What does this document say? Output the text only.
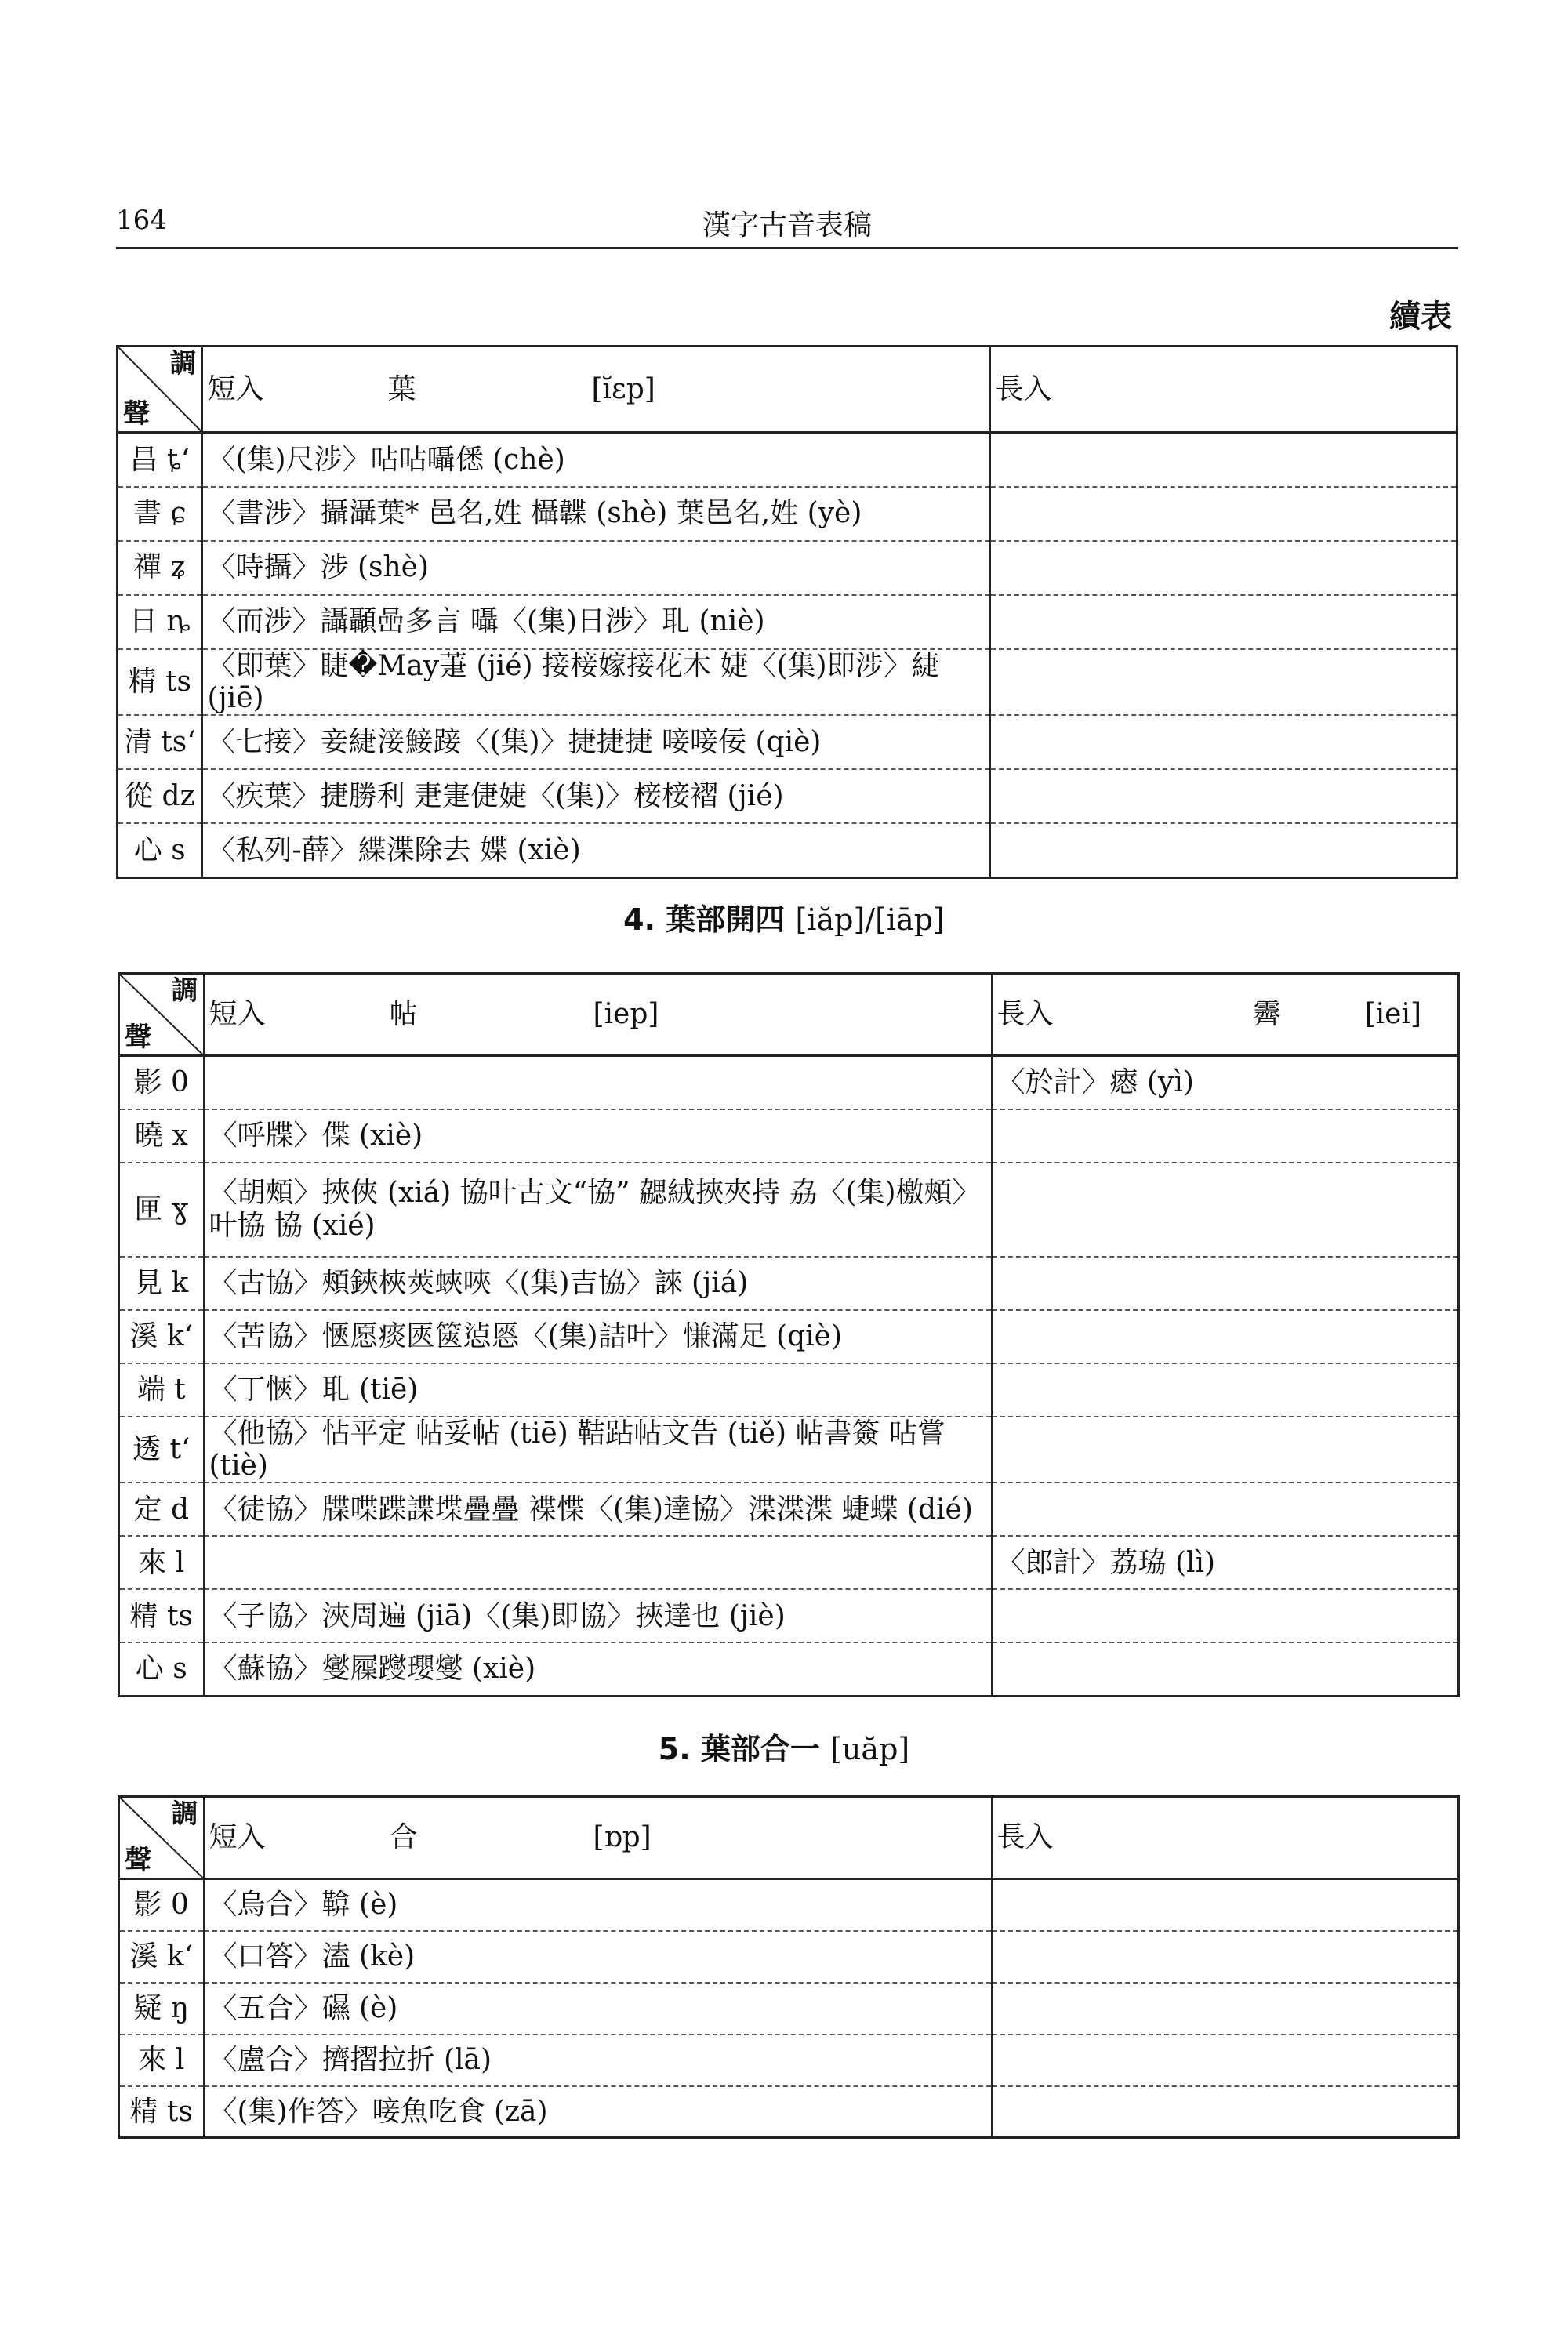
164	漢字古音表稿
續表
調
聲	短入 葉 [ĭɛp]	長入

昌 ȶʻ	〈(集)尺涉〉呫呫囁僁 (chè)	
書 ɕ	〈書涉〉攝灄葉* 邑名,姓 欇韘 (shè) 葉邑名,姓 (yè)	
禪 ʑ	〈時攝〉涉 (shè)	
日 ȵ	〈而涉〉讘顳喦多言 囁〈(集)日涉〉耴 (niè)	
精 ts	〈即葉〉睫�May萐 (jié) 接椄嫁接花木 婕〈(集)即涉〉緁 (jiē)	
清 tsʻ	〈七接〉妾緁淁鯜踥〈(集)〉捷捷捷 唼唼佞 (qiè)	
從 dz	〈疾葉〉捷勝利 疌寁倢婕〈(集)〉椄椄褶 (jié)	
心 s	〈私列-薛〉緤渫除去 媟 (xiè)	
4. 葉部開四 [iăp]/[iāp]
調
聲	短入 帖 [iep]	長入 霽 [iei]

影 0		〈於計〉瘱 (yì)
曉 x	〈呼牒〉偞 (xiè)	
匣 ɣ	〈胡頰〉挾俠 (xiá) 協叶古文“協” 勰絨挾夾持 劦〈(集)檄頰〉叶協 協 (xié)	
見 k	〈古協〉頰鋏梜莢蛺唊〈(集)吉協〉誺 (jiá)	
溪 kʻ	〈苦協〉愜愿痰匧篋惉㥦〈(集)詰叶〉慊滿足 (qiè)	
端 t	〈丁愜〉耴 (tiē)	
透 tʻ	〈他協〉怗平定 帖妥帖 (tiē) 鞊跕帖文告 (tiě) 帖書簽 呫嘗 (tiè)	
定 d	〈徒協〉牒喋蹀諜堞疊疊 褋惵〈(集)達協〉渫渫渫 蜨蝶 (dié)	
來 l		〈郎計〉荔珕 (lì)
精 ts	〈子協〉浹周遍 (jiā)〈(集)即協〉挾達也 (jiè)	
心 s	〈蘇協〉燮屧躞瓔燮 (xiè)	
5. 葉部合一 [uăp]
調
聲	短入 合 [ɒp]	長入

影 0	〈烏合〉鞥 (è)	
溪 kʻ	〈口答〉溘 (kè)	
疑 ŋ	〈五合〉礘 (è)	
來 l	〈盧合〉擠摺拉折 (lā)	
精 ts	〈(集)作答〉唼魚吃食 (zā)	
